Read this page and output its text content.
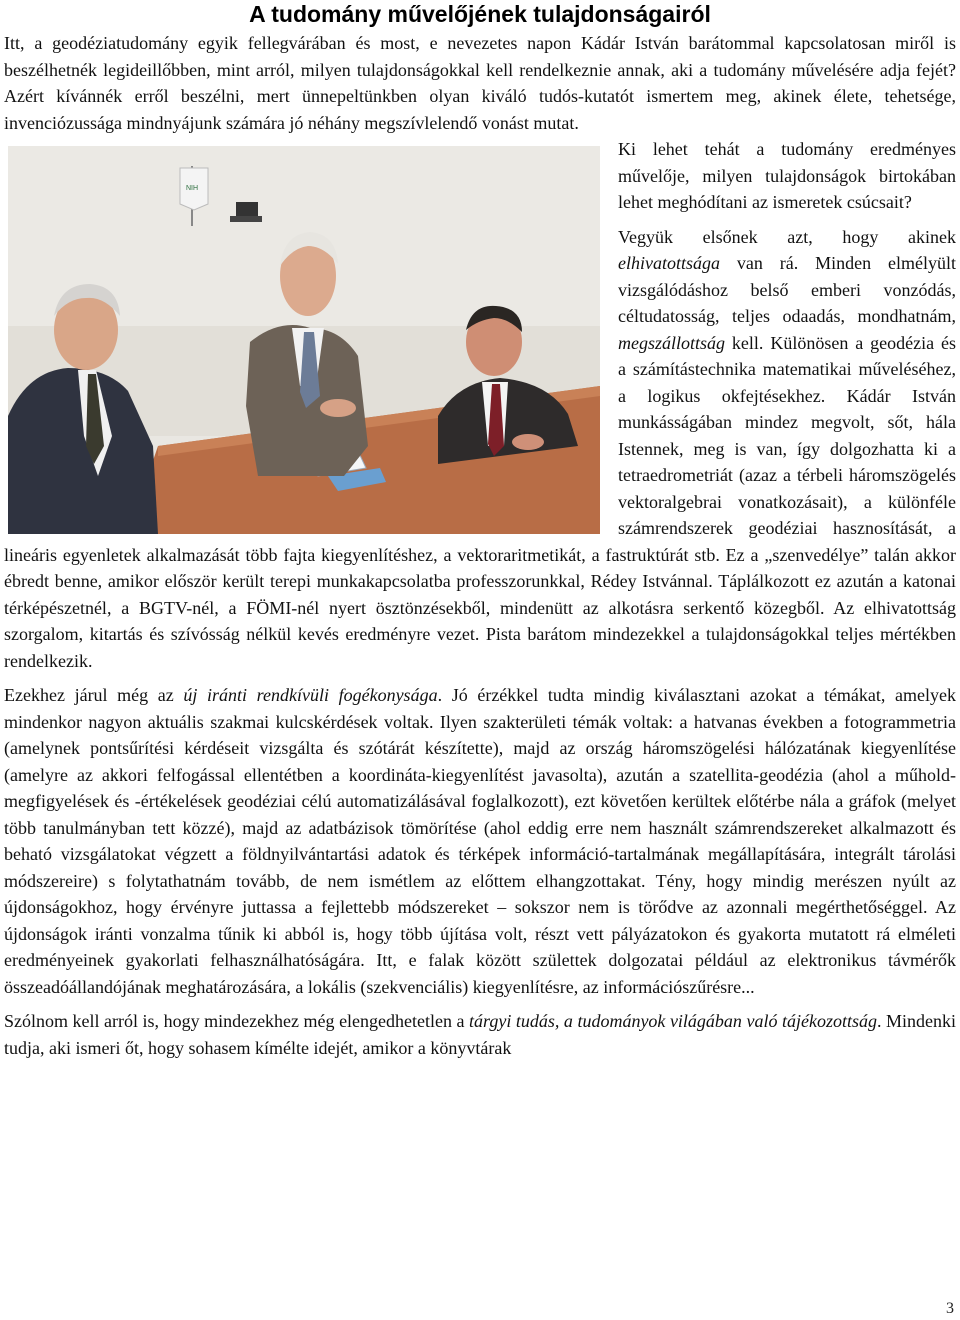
A tudomány művelőjének tulajdonságairól

Itt, a geodéziatudomány egyik fellegvárában és most, e nevezetes napon Kádár István barátommal kapcsolatosan miről is beszélhetnék legideillőbben, mint arról, milyen tulajdonságokkal kell rendelkeznie annak, aki a tudomány művelésére adja fejét? Azért kívánnék erről beszélni, mert ünnepeltünkben olyan kiváló tudós-kutatót ismertem meg, akinek élete, tehetsége, invenciózussága mindnyájunk számára jó néhány megszívlelendő vonást mutat.

NIH

Ki lehet tehát a tudomány eredményes művelője, milyen tulajdonságok birtokában lehet meghódítani az ismeretek csúcsait?

Vegyük elsőnek azt, hogy akinek elhivatottsága van rá. Minden elmélyült vizsgálódáshoz belső emberi vonzódás, céltudatosság, teljes odaadás, mondhatnám, megszállottság kell. Különösen a geodézia és a számítástechnika matematikai műveléséhez, a logikus okfejtésekhez. Kádár István munkásságában mindez megvolt, sőt, hála Istennek, meg is van, így dolgozhatta ki a tetraedrometriát (azaz a térbeli háromszögelés vektoralgebrai vonatkozásait), a különféle számrendszerek geodéziai hasznosítását, a lineáris egyenletek alkalmazását több fajta kiegyenlítéshez, a vektoraritmetikát, a fastruktúrát stb. Ez a „szenvedélye” talán akkor ébredt benne, amikor először került terepi munkakapcsolatba professzorunkkal, Rédey Istvánnal. Táplálkozott ez azután a katonai térképészetnél, a BGTV-nél, a FÖMI-nél nyert ösztönzésekből, mindenütt az alkotásra serkentő közegből. Az elhivatottság szorgalom, kitartás és szívósság nélkül kevés eredményre vezet. Pista barátom mindezekkel a tulajdonságokkal teljes mértékben rendelkezik.

Ezekhez járul még az új iránti rendkívüli fogékonysága. Jó érzékkel tudta mindig kiválasztani azokat a témákat, amelyek mindenkor nagyon aktuális szakmai kulcskérdések voltak. Ilyen szakterületi témák voltak: a hatvanas években a fotogrammetria (amelynek pontsűrítési kérdéseit vizsgálta és szótárát készítette), majd az ország háromszögelési hálózatának kiegyenlítése (amelyre az akkori felfogással ellentétben a koordináta-kiegyenlítést javasolta), azután a szatellita-geodézia (ahol a műhold-megfigyelések és -értékelések geodéziai célú automatizálásával foglalkozott), ezt követően kerültek előtérbe nála a gráfok (melyet több tanulmányban tett közzé), majd az adatbázisok tömörítése (ahol eddig erre nem használt számrendszereket alkalmazott és beható vizsgálatokat végzett a földnyilvántartási adatok és térképek információ-tartalmának megállapítására, integrált tárolási módszereire) s folytathatnám tovább, de nem ismétlem az előttem elhangzottakat. Tény, hogy mindig merészen nyúlt az újdonságokhoz, hogy érvényre juttassa a fejlettebb módszereket – sokszor nem is törődve az azonnali megérthetőséggel. Az újdonságok iránti vonzalma tűnik ki abból is, hogy több újítása volt, részt vett pályázatokon és gyakorta mutatott rá elméleti eredményeinek gyakorlati felhasználhatóságára. Itt, e falak között születtek dolgozatai például az elektronikus távmérők összeadóállandójának meghatározására, a lokális (szekvenciális) kiegyenlítésre, az információszűrésre...

Szólnom kell arról is, hogy mindezekhez még elengedhetetlen a tárgyi tudás, a tudományok világában való tájékozottság. Mindenki tudja, aki ismeri őt, hogy sohasem kímélte idejét, amikor a könyvtárak

3
